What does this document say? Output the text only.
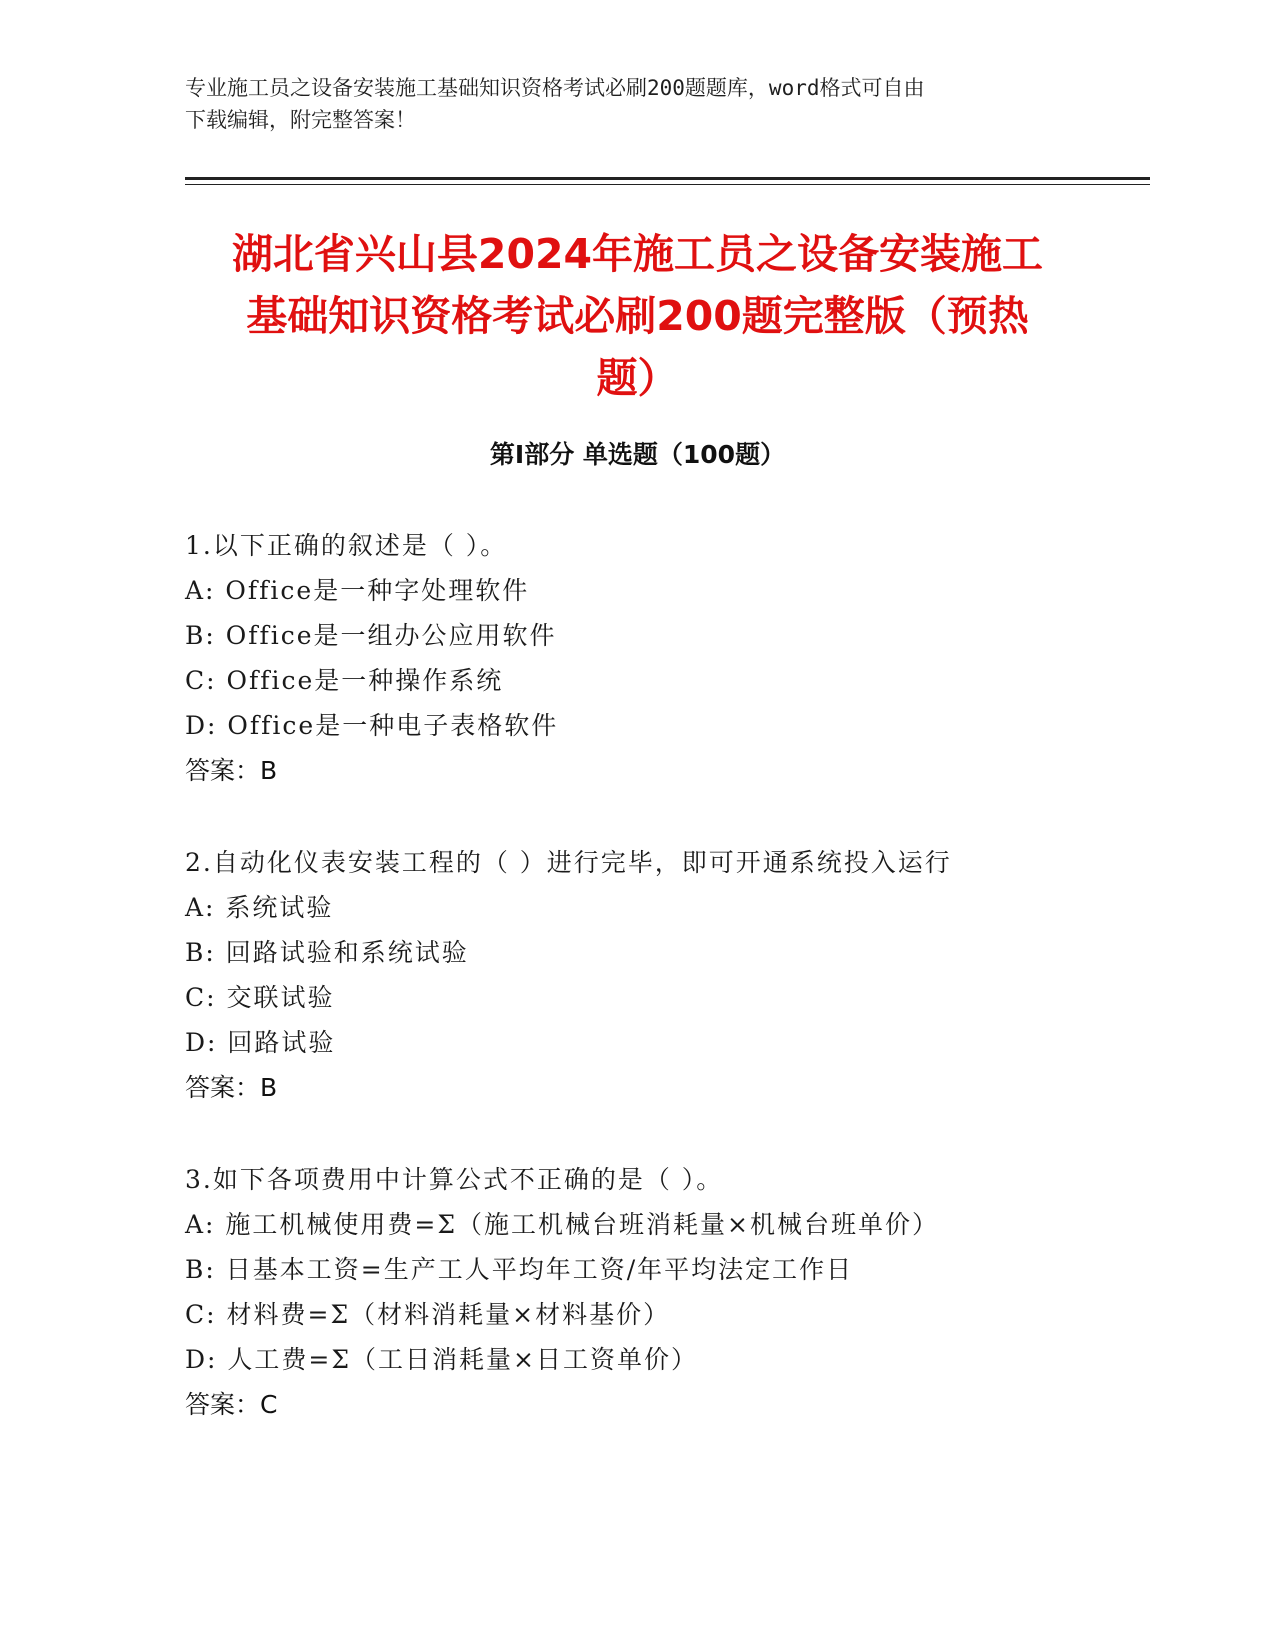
专业施工员之设备安装施工基础知识资格考试必刷200题题库，word格式可自由
下载编辑，附完整答案！
湖北省兴山县2024年施工员之设备安装施工
基础知识资格考试必刷200题完整版（预热
题）
第Ⅰ部分 单选题（100题）
1.以下正确的叙述是（ ）。
A: Office是一种字处理软件
B: Office是一组办公应用软件
C: Office是一种操作系统
D: Office是一种电子表格软件
答案：B
2.自动化仪表安装工程的（ ）进行完毕，即可开通系统投入运行
A: 系统试验
B: 回路试验和系统试验
C: 交联试验
D: 回路试验
答案：B
3.如下各项费用中计算公式不正确的是（ ）。
A: 施工机械使用费=Σ（施工机械台班消耗量×机械台班单价）
B: 日基本工资=生产工人平均年工资/年平均法定工作日
C: 材料费=Σ（材料消耗量×材料基价）
D: 人工费=Σ（工日消耗量×日工资单价）
答案：C
